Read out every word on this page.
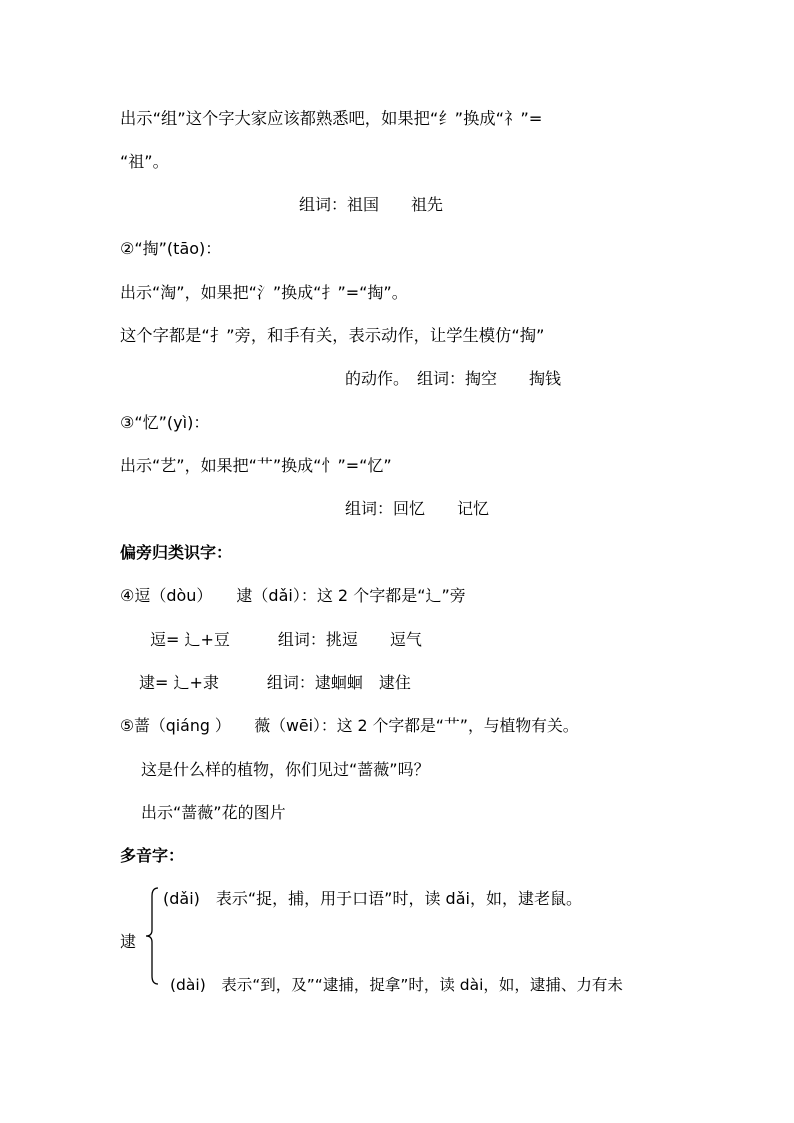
出示“组”这个字大家应该都熟悉吧，如果把“纟”换成“礻”=
“祖”。
组词：祖国　　祖先
②“掏”(tāo)：
出示“淘”，如果把“氵”换成“扌”=“掏”。
这个字都是“扌”旁，和手有关，表示动作，让学生模仿“掏”
的动作。　组词：掏空　　掏钱
③“忆”(yì)：
出示“艺”，如果把“艹”换成“忄”=“忆”
组词：回忆　　记忆
偏旁归类识字：
④逗（dòu）　　逮（dǎi）：这 2 个字都是“辶”旁
逗= 辶+豆　　　组词：挑逗　　逗气
逮= 辶+隶　　　组词：逮蛔蛔　逮住
⑤蔷（qiáng ）　　薇（wēi）：这 2 个字都是“艹”，与植物有关。
这是什么样的植物，你们见过“蔷薇”吗？
出示“蔷薇”花的图片
多音字：
逮
(dǎi)　表示“捉，捕，用于口语”时，读 dǎi，如，逮老鼠。
(dài)　表示“到，及”“逮捕，捉拿”时，读 dài，如，逮捕、力有未
